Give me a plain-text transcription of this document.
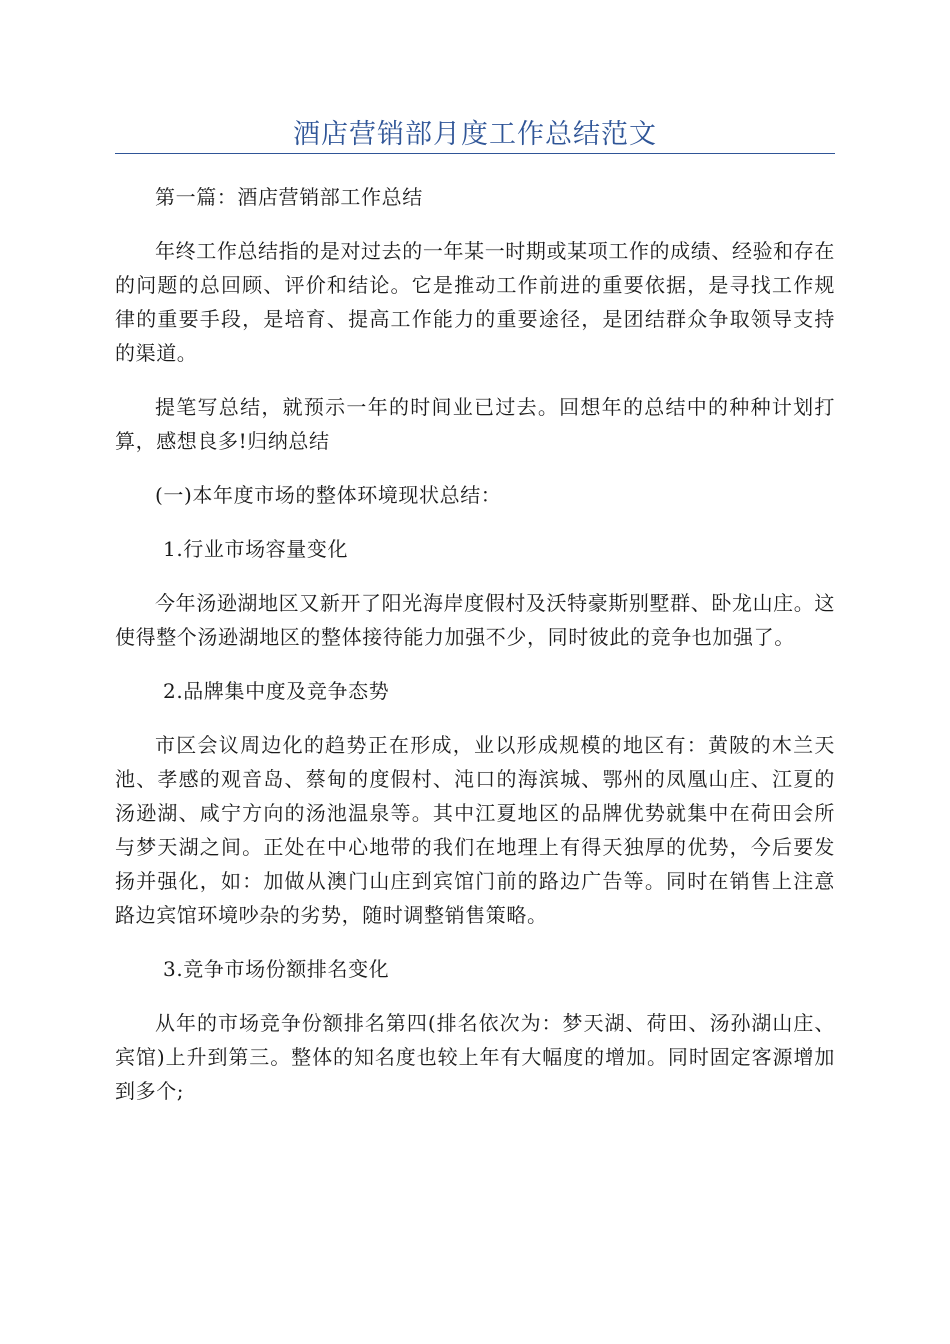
酒店营销部月度工作总结范文

第一篇：酒店营销部工作总结

年终工作总结指的是对过去的一年某一时期或某项工作的成绩、经验和存在的问题的总回顾、评价和结论。它是推动工作前进的重要依据，是寻找工作规律的重要手段，是培育、提高工作能力的重要途径，是团结群众争取领导支持的渠道。

提笔写总结，就预示一年的时间业已过去。回想年的总结中的种种计划打算，感想良多!归纳总结

(一)本年度市场的整体环境现状总结：

1.行业市场容量变化

今年汤逊湖地区又新开了阳光海岸度假村及沃特豪斯别墅群、卧龙山庄。这使得整个汤逊湖地区的整体接待能力加强不少，同时彼此的竞争也加强了。

2.品牌集中度及竞争态势

市区会议周边化的趋势正在形成，业以形成规模的地区有：黄陂的木兰天池、孝感的观音岛、蔡甸的度假村、沌口的海滨城、鄂州的凤凰山庄、江夏的汤逊湖、咸宁方向的汤池温泉等。其中江夏地区的品牌优势就集中在荷田会所与梦天湖之间。正处在中心地带的我们在地理上有得天独厚的优势，今后要发扬并强化，如：加做从澳门山庄到宾馆门前的路边广告等。同时在销售上注意路边宾馆环境吵杂的劣势，随时调整销售策略。

3.竞争市场份额排名变化

从年的市场竞争份额排名第四(排名依次为：梦天湖、荷田、汤孙湖山庄、宾馆)上升到第三。整体的知名度也较上年有大幅度的增加。同时固定客源增加到多个;
